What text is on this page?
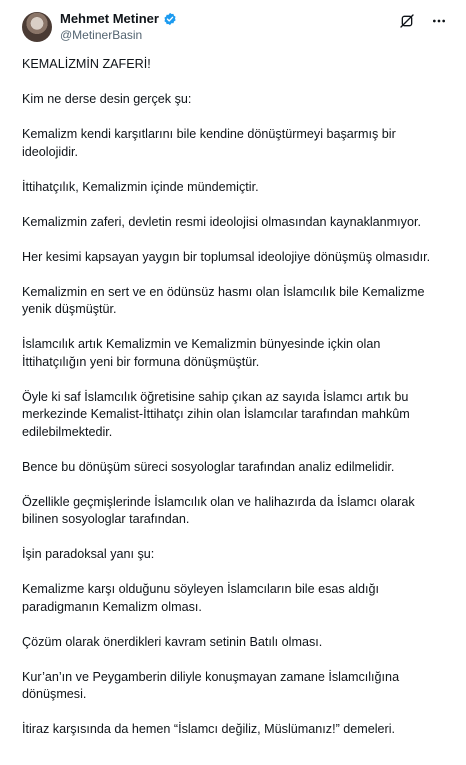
Mehmet Metiner
@MetinerBasin

KEMALİZMİN ZAFERİ!

Kim ne derse desin gerçek şu:

Kemalizm kendi karşıtlarını bile kendine dönüştürmeyi başarmış bir ideolojidir.

İttihatçılık, Kemalizmin içinde mündemiçtir.

Kemalizmin zaferi, devletin resmi ideolojisi olmasından kaynaklanmıyor.

Her kesimi kapsayan yaygın bir toplumsal ideolojiye dönüşmüş olmasıdır.

Kemalizmin en sert ve en ödünsüz hasmı olan İslamcılık bile Kemalizme yenik düşmüştür.

İslamcılık artık Kemalizmin ve Kemalizmin bünyesinde içkin olan İttihatçılığın yeni bir formuna dönüşmüştür.

Öyle ki saf İslamcılık öğretisine sahip çıkan az sayıda İslamcı artık bu merkezinde Kemalist-İttihatçı zihin olan İslamcılar tarafından mahkûm edilebilmektedir.

Bence bu dönüşüm süreci sosyologlar tarafından analiz edilmelidir.

Özellikle geçmişlerinde İslamcılık olan ve halihazırda da İslamcı olarak bilinen sosyologlar tarafından.

İşin paradoksal yanı şu:

Kemalizme karşı olduğunu söyleyen İslamcıların bile esas aldığı paradigmanın Kemalizm olması.

Çözüm olarak önerdikleri kavram setinin Batılı olması.

Kur’an’ın ve Peygamberin diliyle konuşmayan zamane İslamcılığına dönüşmesi.

İtiraz karşısında da hemen “İslamcı değiliz, Müslümanız!” demeleri.
